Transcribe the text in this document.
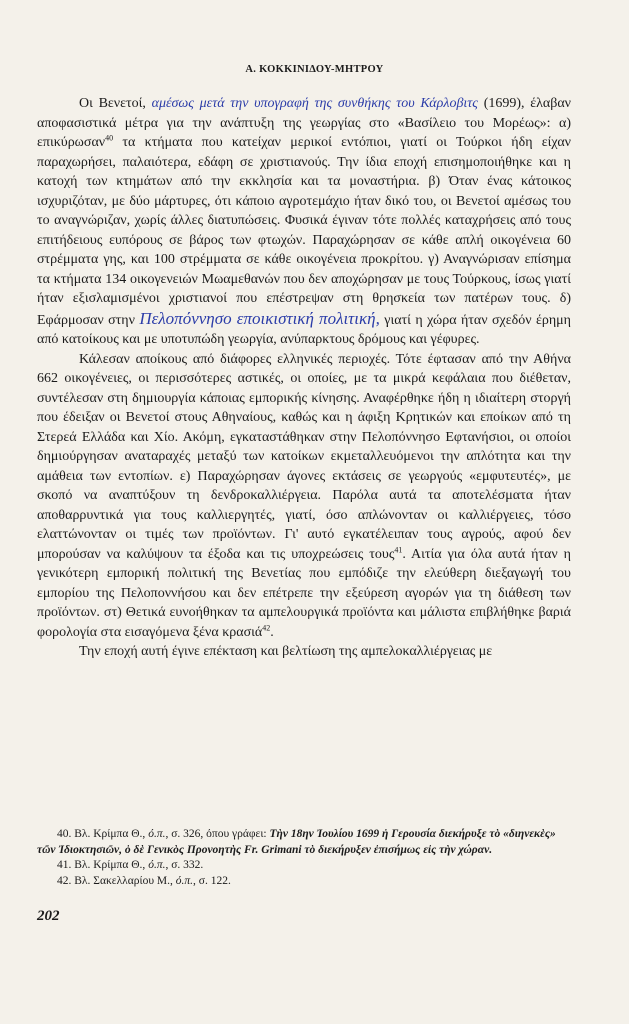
Α. ΚΟΚΚΙΝΙΔΟΥ-ΜΗΤΡΟΥ

Οι Βενετοί, αμέσως μετά την υπογραφή της συνθήκης του Κάρλοβιτς (1699), έλαβαν αποφασιστικά μέτρα για την ανάπτυξη της γεωργίας στο «Βασίλειο του Μορέως»: α) επικύρωσαν$^{40}$ τα κτήματα που κατείχαν μερικοί εντόπιοι, γιατί οι Τούρκοι ήδη είχαν παραχωρήσει, παλαιότερα, εδάφη σε χριστιανούς. Την ίδια εποχή επισημοποιήθηκε και η κατοχή των κτημάτων από την εκκλησία και τα μοναστήρια. β) Όταν ένας κάτοικος ισχυριζόταν, με δύο μάρτυρες, ότι κάποιο αγροτεμάχιο ήταν δικό του, οι Βενετοί αμέσως του το αναγνώριζαν, χωρίς άλλες διατυπώσεις. Φυσικά έγιναν τότε πολλές καταχρήσεις από τους επιτήδειους ευπόρους σε βάρος των φτωχών. Παραχώρησαν σε κάθε απλή οικογένεια 60 στρέμματα γης, και 100 στρέμματα σε κάθε οικογένεια προκρίτου. γ) Αναγνώρισαν επίσημα τα κτήματα 134 οικογενειών Μωαμεθανών που δεν αποχώρησαν με τους Τούρκους, ίσως γιατί ήταν εξισλαμισμένοι χριστιανοί που επέστρεψαν στη θρησκεία των πατέρων τους. δ) Εφάρμοσαν στην Πελοπόννησο εποικιστική πολιτική, γιατί η χώρα ήταν σχεδόν έρημη από κατοίκους και με υποτυπώδη γεωργία, ανύπαρκτους δρόμους και γέφυρες.

Κάλεσαν αποίκους από διάφορες ελληνικές περιοχές. Τότε έφτασαν από την Αθήνα 662 οικογένειες, οι περισσότερες αστικές, οι οποίες, με τα μικρά κεφάλαια που διέθεταν, συντέλεσαν στη δημιουργία κάποιας εμπορικής κίνησης. Αναφέρθηκε ήδη η ιδιαίτερη στοργή που έδειξαν οι Βενετοί στους Αθηναίους, καθώς και η άφιξη Κρητικών και εποίκων από τη Στερεά Ελλάδα και Χίο. Ακόμη, εγκαταστάθηκαν στην Πελοπόννησο Εφτανήσιοι, οι οποίοι δημιούργησαν αναταραχές μεταξύ των κατοίκων εκμεταλλευόμενοι την απλότητα και την αμάθεια των εντοπίων. ε) Παραχώρησαν άγονες εκτάσεις σε γεωργούς «εμφυτευτές», με σκοπό να αναπτύξουν τη δενδροκαλλιέργεια. Παρόλα αυτά τα αποτελέσματα ήταν αποθαρρυντικά για τους καλλιεργητές, γιατί, όσο απλώνονταν οι καλλιέργειες, τόσο ελαττώνονταν οι τιμές των προϊόντων. Γι' αυτό εγκατέλειπαν τους αγρούς, αφού δεν μπορούσαν να καλύψουν τα έξοδα και τις υποχρεώσεις τους$^{41}$. Αιτία για όλα αυτά ήταν η γενικότερη εμπορική πολιτική της Βενετίας που εμπόδιζε την ελεύθερη διεξαγωγή του εμπορίου της Πελοποννήσου και δεν επέτρεπε την εξεύρεση αγορών για τη διάθεση των προϊόντων. στ) Θετικά ευνοήθηκαν τα αμπελουργικά προϊόντα και μάλιστα επιβλήθηκε βαριά φορολογία στα εισαγόμενα ξένα κρασιά$^{42}$.

Την εποχή αυτή έγινε επέκταση και βελτίωση της αμπελοκαλλιέργειας με

40. Βλ. Κρίμπα Θ., ό.π., σ. 326, όπου γράφει: Τὴν 18ην Ἰουλίου 1699 ἡ Γερουσία διεκήρυξε τὸ «διηνεκὲς» τῶν Ἰδιοκτησιῶν, ὁ δὲ Γενικὸς Προνοητὴς Fr. Grimani τὸ διεκήρυξεν ἐπισήμως εἰς τὴν χώραν.

41. Βλ. Κρίμπα Θ., ό.π., σ. 332.

42. Βλ. Σακελλαρίου Μ., ό.π., σ. 122.

202
